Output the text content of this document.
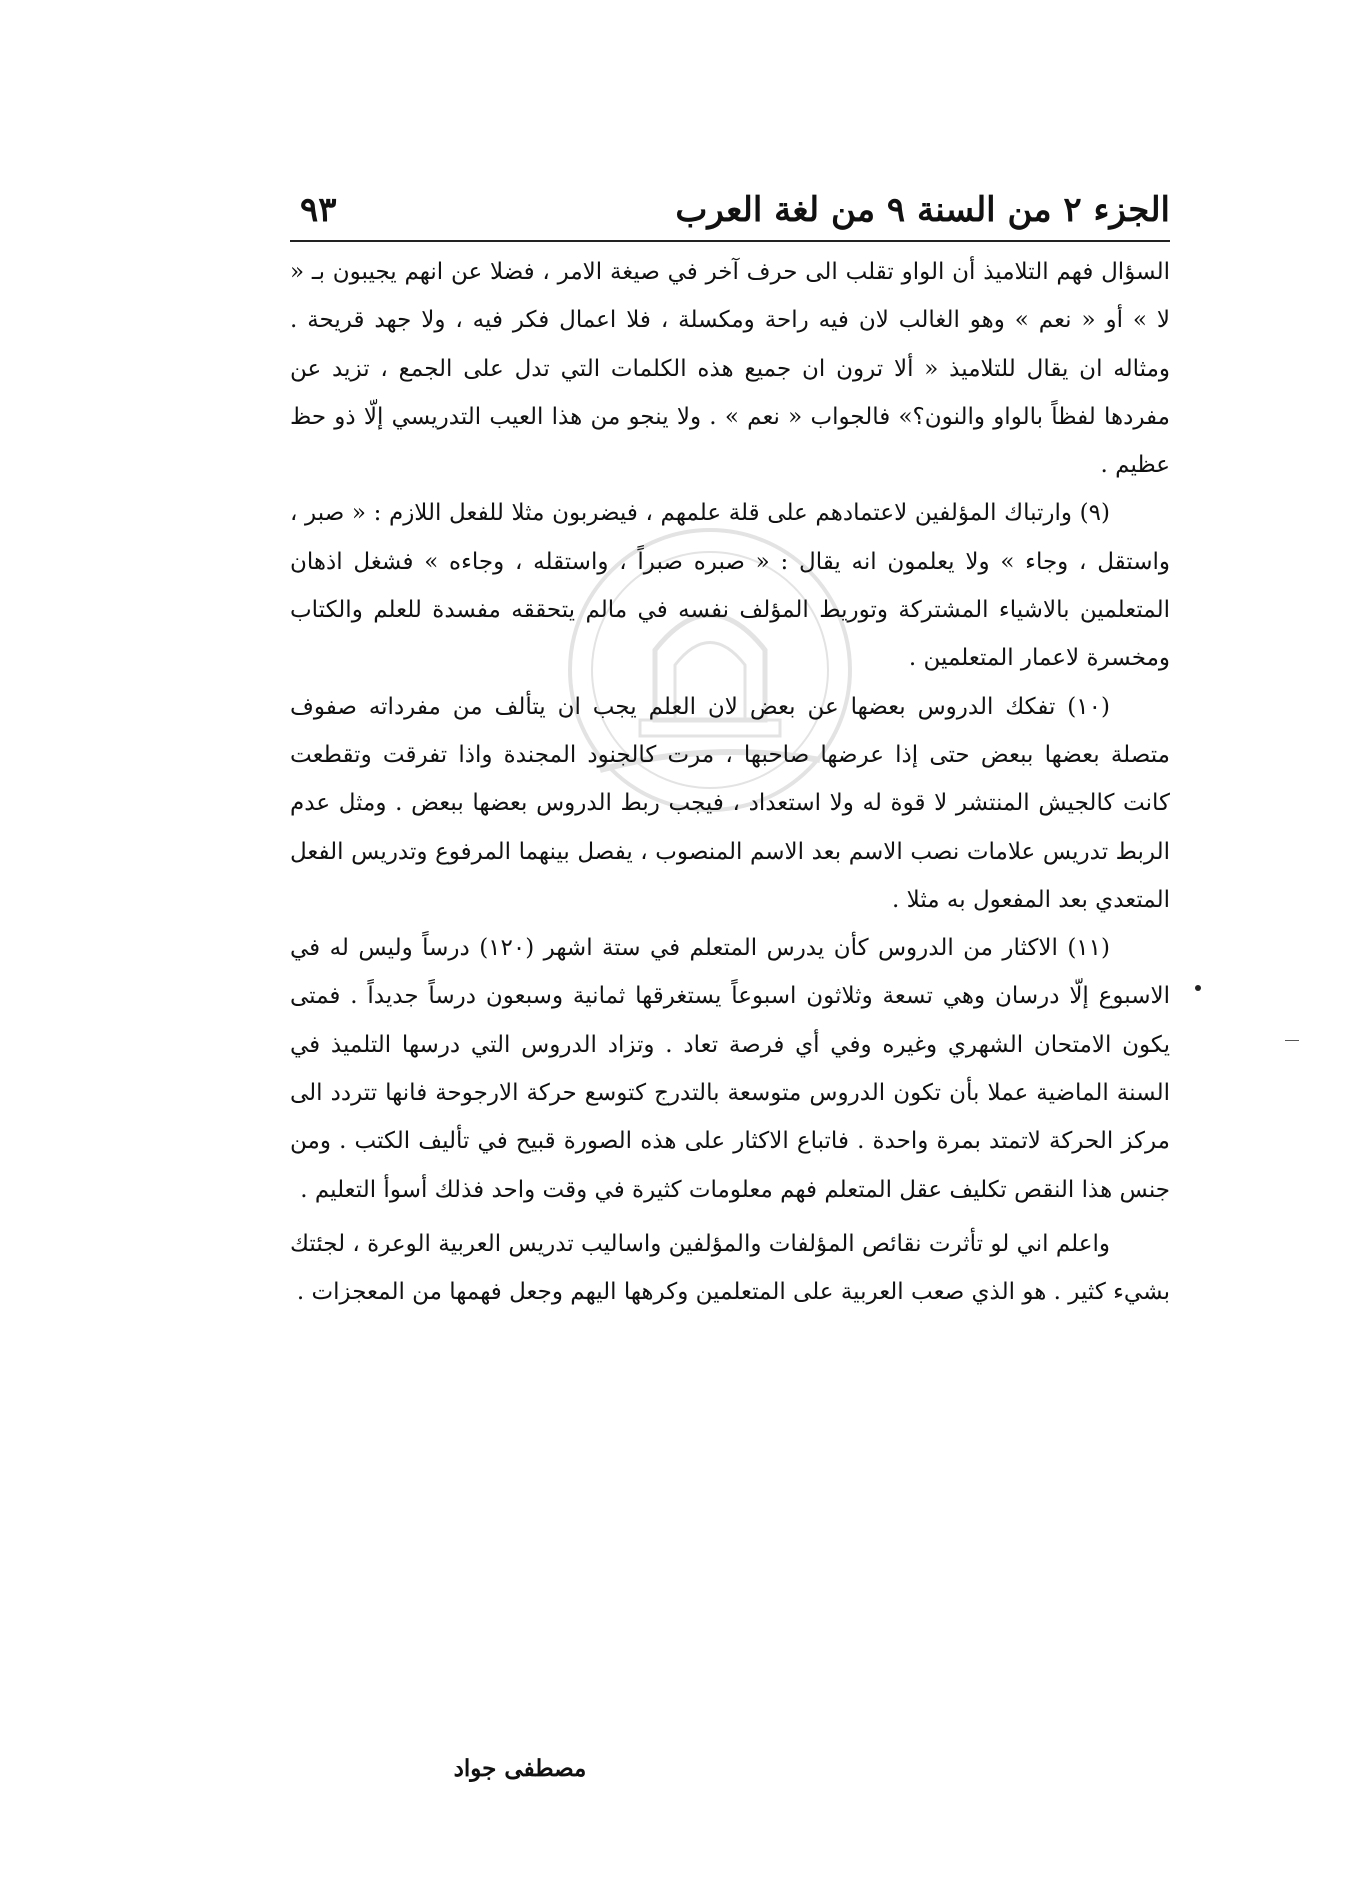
الجزء ٢ من السنة ٩ من لغة العرب
٩٣

السؤال فهم التلاميذ أن الواو تقلب الى حرف آخر في صيغة الامر ، فضلا عن انهم يجيبون بـ « لا » أو « نعم » وهو الغالب لان فيه راحة ومكسلة ، فلا اعمال فكر فيه ، ولا جهد قريحة . ومثاله ان يقال للتلاميذ « ألا ترون ان جميع هذه الكلمات التي تدل على الجمع ، تزيد عن مفردها لفظاً بالواو والنون؟» فالجواب « نعم » . ولا ينجو من هذا العيب التدريسي إلّا ذو حظ عظيم .

(٩) وارتباك المؤلفين لاعتمادهم على قلة علمهم ، فيضربون مثلا للفعل اللازم : « صبر ، واستقل ، وجاء » ولا يعلمون انه يقال : « صبره صبراً ، واستقله ، وجاءه » فشغل اذهان المتعلمين بالاشياء المشتركة وتوريط المؤلف نفسه في مالم يتحققه مفسدة للعلم والكتاب ومخسرة لاعمار المتعلمين .

(١٠) تفكك الدروس بعضها عن بعض لان العلم يجب ان يتألف من مفرداته صفوف متصلة بعضها ببعض حتى إذا عرضها صاحبها ، مرت كالجنود المجندة واذا تفرقت وتقطعت كانت كالجيش المنتشر لا قوة له ولا استعداد ، فيجب ربط الدروس بعضها ببعض . ومثل عدم الربط تدريس علامات نصب الاسم بعد الاسم المنصوب ، يفصل بينهما المرفوع وتدريس الفعل المتعدي بعد المفعول به مثلا .

(١١) الاكثار من الدروس كأن يدرس المتعلم في ستة اشهر (١٢٠) درساً وليس له في الاسبوع إلّا درسان وهي تسعة وثلاثون اسبوعاً يستغرقها ثمانية وسبعون درساً جديداً . فمتى يكون الامتحان الشهري وغيره وفي أي فرصة تعاد . وتزاد الدروس التي درسها التلميذ في السنة الماضية عملا بأن تكون الدروس متوسعة بالتدرج كتوسع حركة الارجوحة فانها تتردد الى مركز الحركة لاتمتد بمرة واحدة . فاتباع الاكثار على هذه الصورة قبيح في تأليف الكتب . ومن جنس هذا النقص تكليف عقل المتعلم فهم معلومات كثيرة في وقت واحد فذلك أسوأ التعليم .

واعلم اني لو تأثرت نقائص المؤلفات والمؤلفين واساليب تدريس العربية الوعرة ، لجئتك بشيء كثير . هو الذي صعب العربية على المتعلمين وكرهها اليهم وجعل فهمها من المعجزات .

مصطفى جواد
